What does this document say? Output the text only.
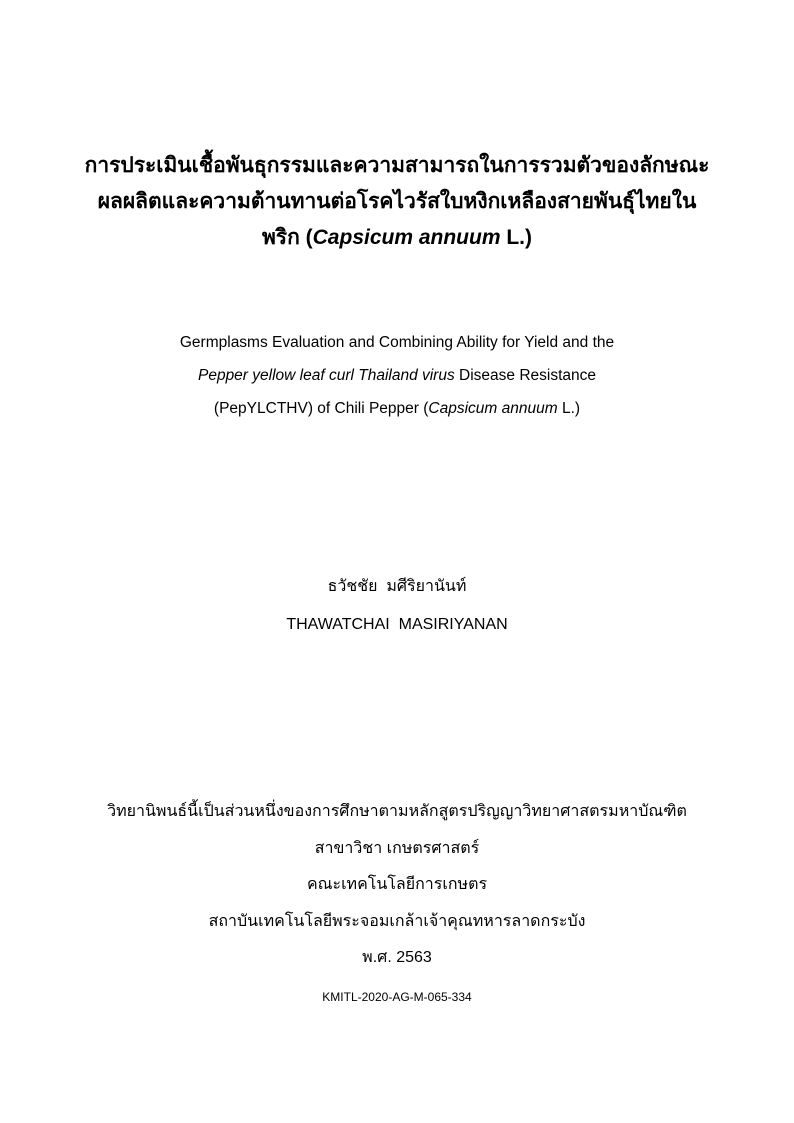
การประเมินเชื้อพันธุกรรมและความสามารถในการรวมตัวของลักษณะ
ผลผลิตและความต้านทานต่อโรคไวรัสใบหงิกเหลืองสายพันธุ์ไทยใน
พริก (Capsicum annuum L.)
Germplasms Evaluation and Combining Ability for Yield and the
Pepper yellow leaf curl Thailand virus Disease Resistance
(PepYLCTHV) of Chili Pepper (Capsicum annuum L.)
ธวัชชัย  มศีริยานันท์
THAWATCHAI  MASIRIYANAN
วิทยานิพนธ์นี้เป็นส่วนหนึ่งของการศึกษาตามหลักสูตรปริญญาวิทยาศาสตรมหาบัณฑิต
สาขาวิชา เกษตรศาสตร์
คณะเทคโนโลยีการเกษตร
สถาบันเทคโนโลยีพระจอมเกล้าเจ้าคุณทหารลาดกระบัง
พ.ศ. 2563
KMITL-2020-AG-M-065-334
